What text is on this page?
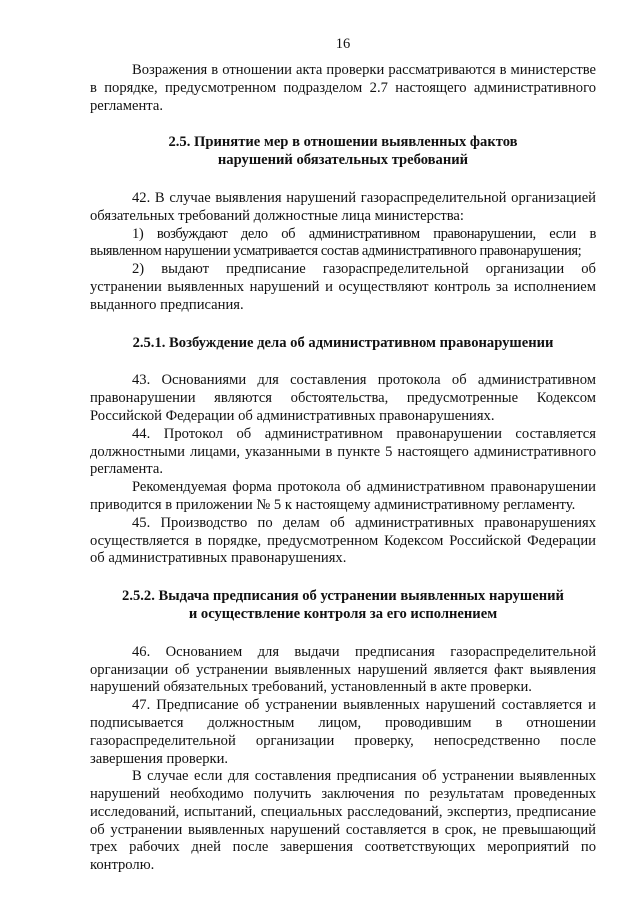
16

Возражения в отношении акта проверки рассматриваются в министерстве в порядке, предусмотренном подразделом 2.7 настоящего административного регламента.

2.5. Принятие мер в отношении выявленных фактов
нарушений обязательных требований

42. В случае выявления нарушений газораспределительной организацией обязательных требований должностные лица министерства:

1) возбуждают дело об административном правонарушении, если в выявленном нарушении усматривается состав административного правонарушения;

2) выдают предписание газораспределительной организации об устранении выявленных нарушений и осуществляют контроль за исполнением выданного предписания.

2.5.1. Возбуждение дела об административном правонарушении

43. Основаниями для составления протокола об административном правонарушении являются обстоятельства, предусмотренные Кодексом Российской Федерации об административных правонарушениях.

44. Протокол об административном правонарушении составляется должностными лицами, указанными в пункте 5 настоящего административного регламента.

Рекомендуемая форма протокола об административном правонарушении приводится в приложении № 5 к настоящему административному регламенту.

45. Производство по делам об административных правонарушениях осуществляется в порядке, предусмотренном Кодексом Российской Федерации об административных правонарушениях.

2.5.2. Выдача предписания об устранении выявленных нарушений
и осуществление контроля за его исполнением

46. Основанием для выдачи предписания газораспределительной организации об устранении выявленных нарушений является факт выявления нарушений обязательных требований, установленный в акте проверки.

47. Предписание об устранении выявленных нарушений составляется и подписывается должностным лицом, проводившим в отношении газораспределительной организации проверку, непосредственно после завершения проверки.

В случае если для составления предписания об устранении выявленных нарушений необходимо получить заключения по результатам проведенных исследований, испытаний, специальных расследований, экспертиз, предписание об устранении выявленных нарушений составляется в срок, не превышающий трех рабочих дней после завершения соответствующих мероприятий по контролю.
